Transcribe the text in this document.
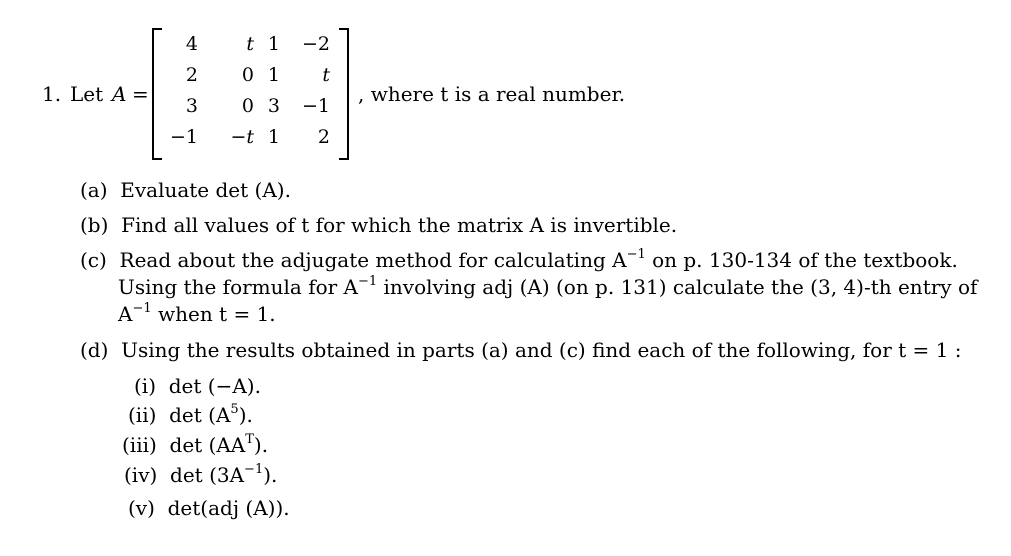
1. Let A =
4	t 1	−2
2	0 1	t
3	0 3	−1
−1	−t 1	2
, where t is a real number.
(a) Evaluate det (A).
(b) Find all values of t for which the matrix A is invertible.
(c) Read about the adjugate method for calculating $A^{-1}$ on p. 130-134 of the textbook.
Using the formula for $A^{-1}$ involving adj (A) (on p. 131) calculate the (3, 4)-th entry of
$A^{-1}$ when t = 1.
(d) Using the results obtained in parts (a) and (c) find each of the following, for t = 1 :
(i) det (−A).
(ii) $\det (A^5)$.
(iii) $\det (AA^T)$.
(iv) $\det (3A^{-1})$.
(v) det(adj (A)).
